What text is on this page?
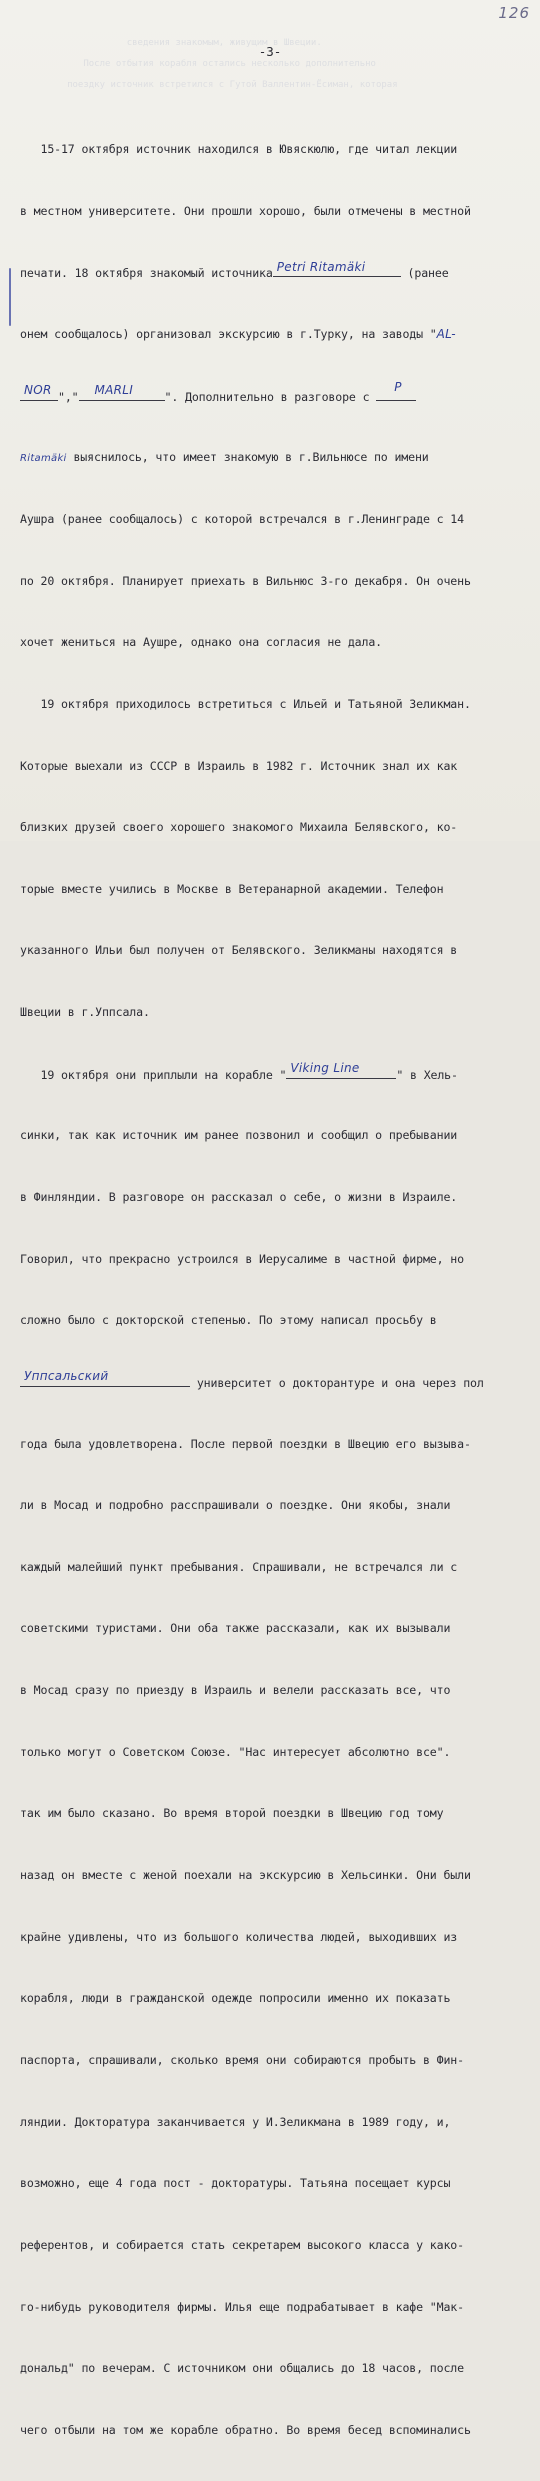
сведения знакомым, живущим в Швеции.
После отбытия корабля остались несколько дополнительно
поездку источник встретился с Гутой Валлентин-Ёсиман, которая

126
-3-

15-17 октября источник находился в Ювяскюлю, где читал лекции

в местном университете. Они прошли хорошо, были отмечены в местной

печати. 18 октября знакомый источника Petri Ritamäki	(ранее

онем сообщалось) организовал экскурсию в г.Турку, на заводы "AL-

NOR "," MARLI	". Дополнительно в разговоре с
P

Ritamäki выяснилось, что имеет знакомую в г.Вильнюсе по имени

Аушра (ранее сообщалось) с которой встречался в г.Ленинграде с 14

по 20 октября. Планирует приехать в Вильнюс 3-го декабря. Он очень

хочет жениться на Аушре, однако она согласия не дала.

19 октября приходилось встретиться с Ильей и Татьяной Зеликман.

Которые выехали из СССР в Израиль в 1982 г. Источник знал их как

близких друзей своего хорошего знакомого Михаила Белявского, ко-

торые вместе учились в Москве в Ветеранарной академии. Телефон

указанного Ильи был получен от Белявского. Зеликманы находятся в

Швеции в г.Уппсала.

19 октября они приплыли на корабле " Viking Line	" в Хель-

синки, так как источник им ранее позвонил и сообщил о пребывании

в Финляндии. В разговоре он рассказал о себе, о жизни в Израиле.

Говорил, что прекрасно устроился в Иерусалиме в частной фирме, но

сложно было с докторской степенью. По этому написал просьбу в

Уппсальский	университет о докторантуре и она через пол

года была удовлетворена. После первой поездки в Швецию его вызыва-

ли в Мосад и подробно расспрашивали о поездке. Они якобы, знали

каждый малейший пункт пребывания. Спрашивали, не встречался ли с

советскими туристами. Они оба также рассказали, как их вызывали

в Мосад сразу по приезду в Израиль и велели рассказать все, что

только могут о Советском Союзе. "Нас интересует абсолютно все".

так им было сказано. Во время второй поездки в Швецию год тому

назад он вместе с женой поехали на экскурсию в Хельсинки. Они были

крайне удивлены, что из большого количества людей, выходивших из

корабля, люди в гражданской одежде попросили именно их показать

паспорта, спрашивали, сколько время они собираются пробыть в Фин-

ляндии. Докторатура заканчивается у И.Зеликмана в 1989 году, и,

возможно, еще 4 года пост - докторатуры. Татьяна посещает курсы

референтов, и собирается стать секретарем высокого класса у како-

го-нибудь руководителя фирмы. Илья еще подрабатывает в кафе "Мак-

дональд" по вечерам. С источником они общались до 18 часов, после

чего отбыли на том же корабле обратно. Во время бесед вспоминались
